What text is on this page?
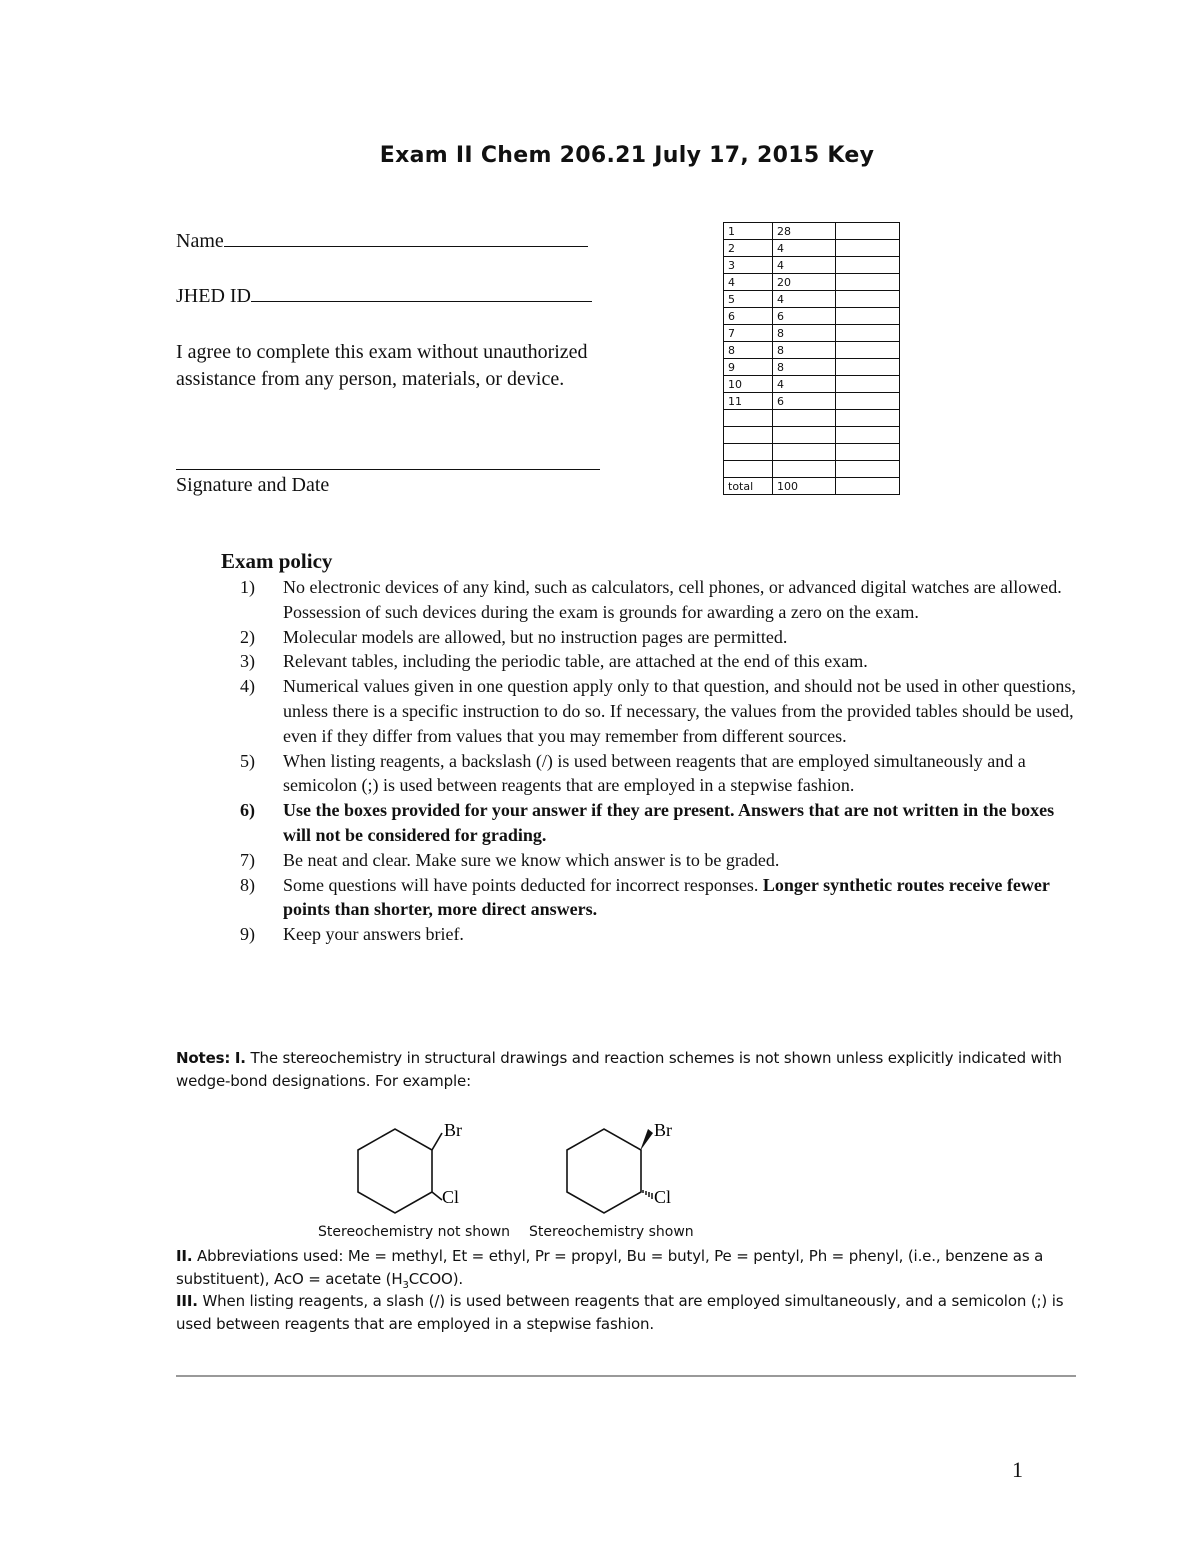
Exam II Chem 206.21 July 17, 2015 Key
Name
JHED ID
I agree to complete this exam without unauthorized assistance from any person, materials, or device.
Signature and Date
1	28	
2	4	
3	4	
4	20	
5	4	
6	6	
7	8	
8	8	
9	8	
10	4	
11	6	

total	100	
Exam policy
1) No electronic devices of any kind, such as calculators, cell phones, or advanced digital watches are allowed. Possession of such devices during the exam is grounds for awarding a zero on the exam.
2) Molecular models are allowed, but no instruction pages are permitted.
3) Relevant tables, including the periodic table, are attached at the end of this exam.
4) Numerical values given in one question apply only to that question, and should not be used in other questions, unless there is a specific instruction to do so. If necessary, the values from the provided tables should be used, even if they differ from values that you may remember from different sources.
5) When listing reagents, a backslash (/) is used between reagents that are employed simultaneously and a semicolon (;) is used between reagents that are employed in a stepwise fashion.
6) Use the boxes provided for your answer if they are present. Answers that are not written in the boxes will not be considered for grading.
7) Be neat and clear. Make sure we know which answer is to be graded.
8) Some questions will have points deducted for incorrect responses. Longer synthetic routes receive fewer points than shorter, more direct answers.
9) Keep your answers brief.
Notes: I. The stereochemistry in structural drawings and reaction schemes is not shown unless explicitly indicated with wedge-bond designations. For example:
Br
Cl
Br
Cl
Stereochemistry not shown Stereochemistry shown
II. Abbreviations used: Me = methyl, Et = ethyl, Pr = propyl, Bu = butyl, Pe = pentyl, Ph = phenyl, (i.e., benzene as a substituent), AcO = acetate $(H_3CCOO)$.
III. When listing reagents, a slash (/) is used between reagents that are employed simultaneously, and a semicolon (;) is used between reagents that are employed in a stepwise fashion.
1
